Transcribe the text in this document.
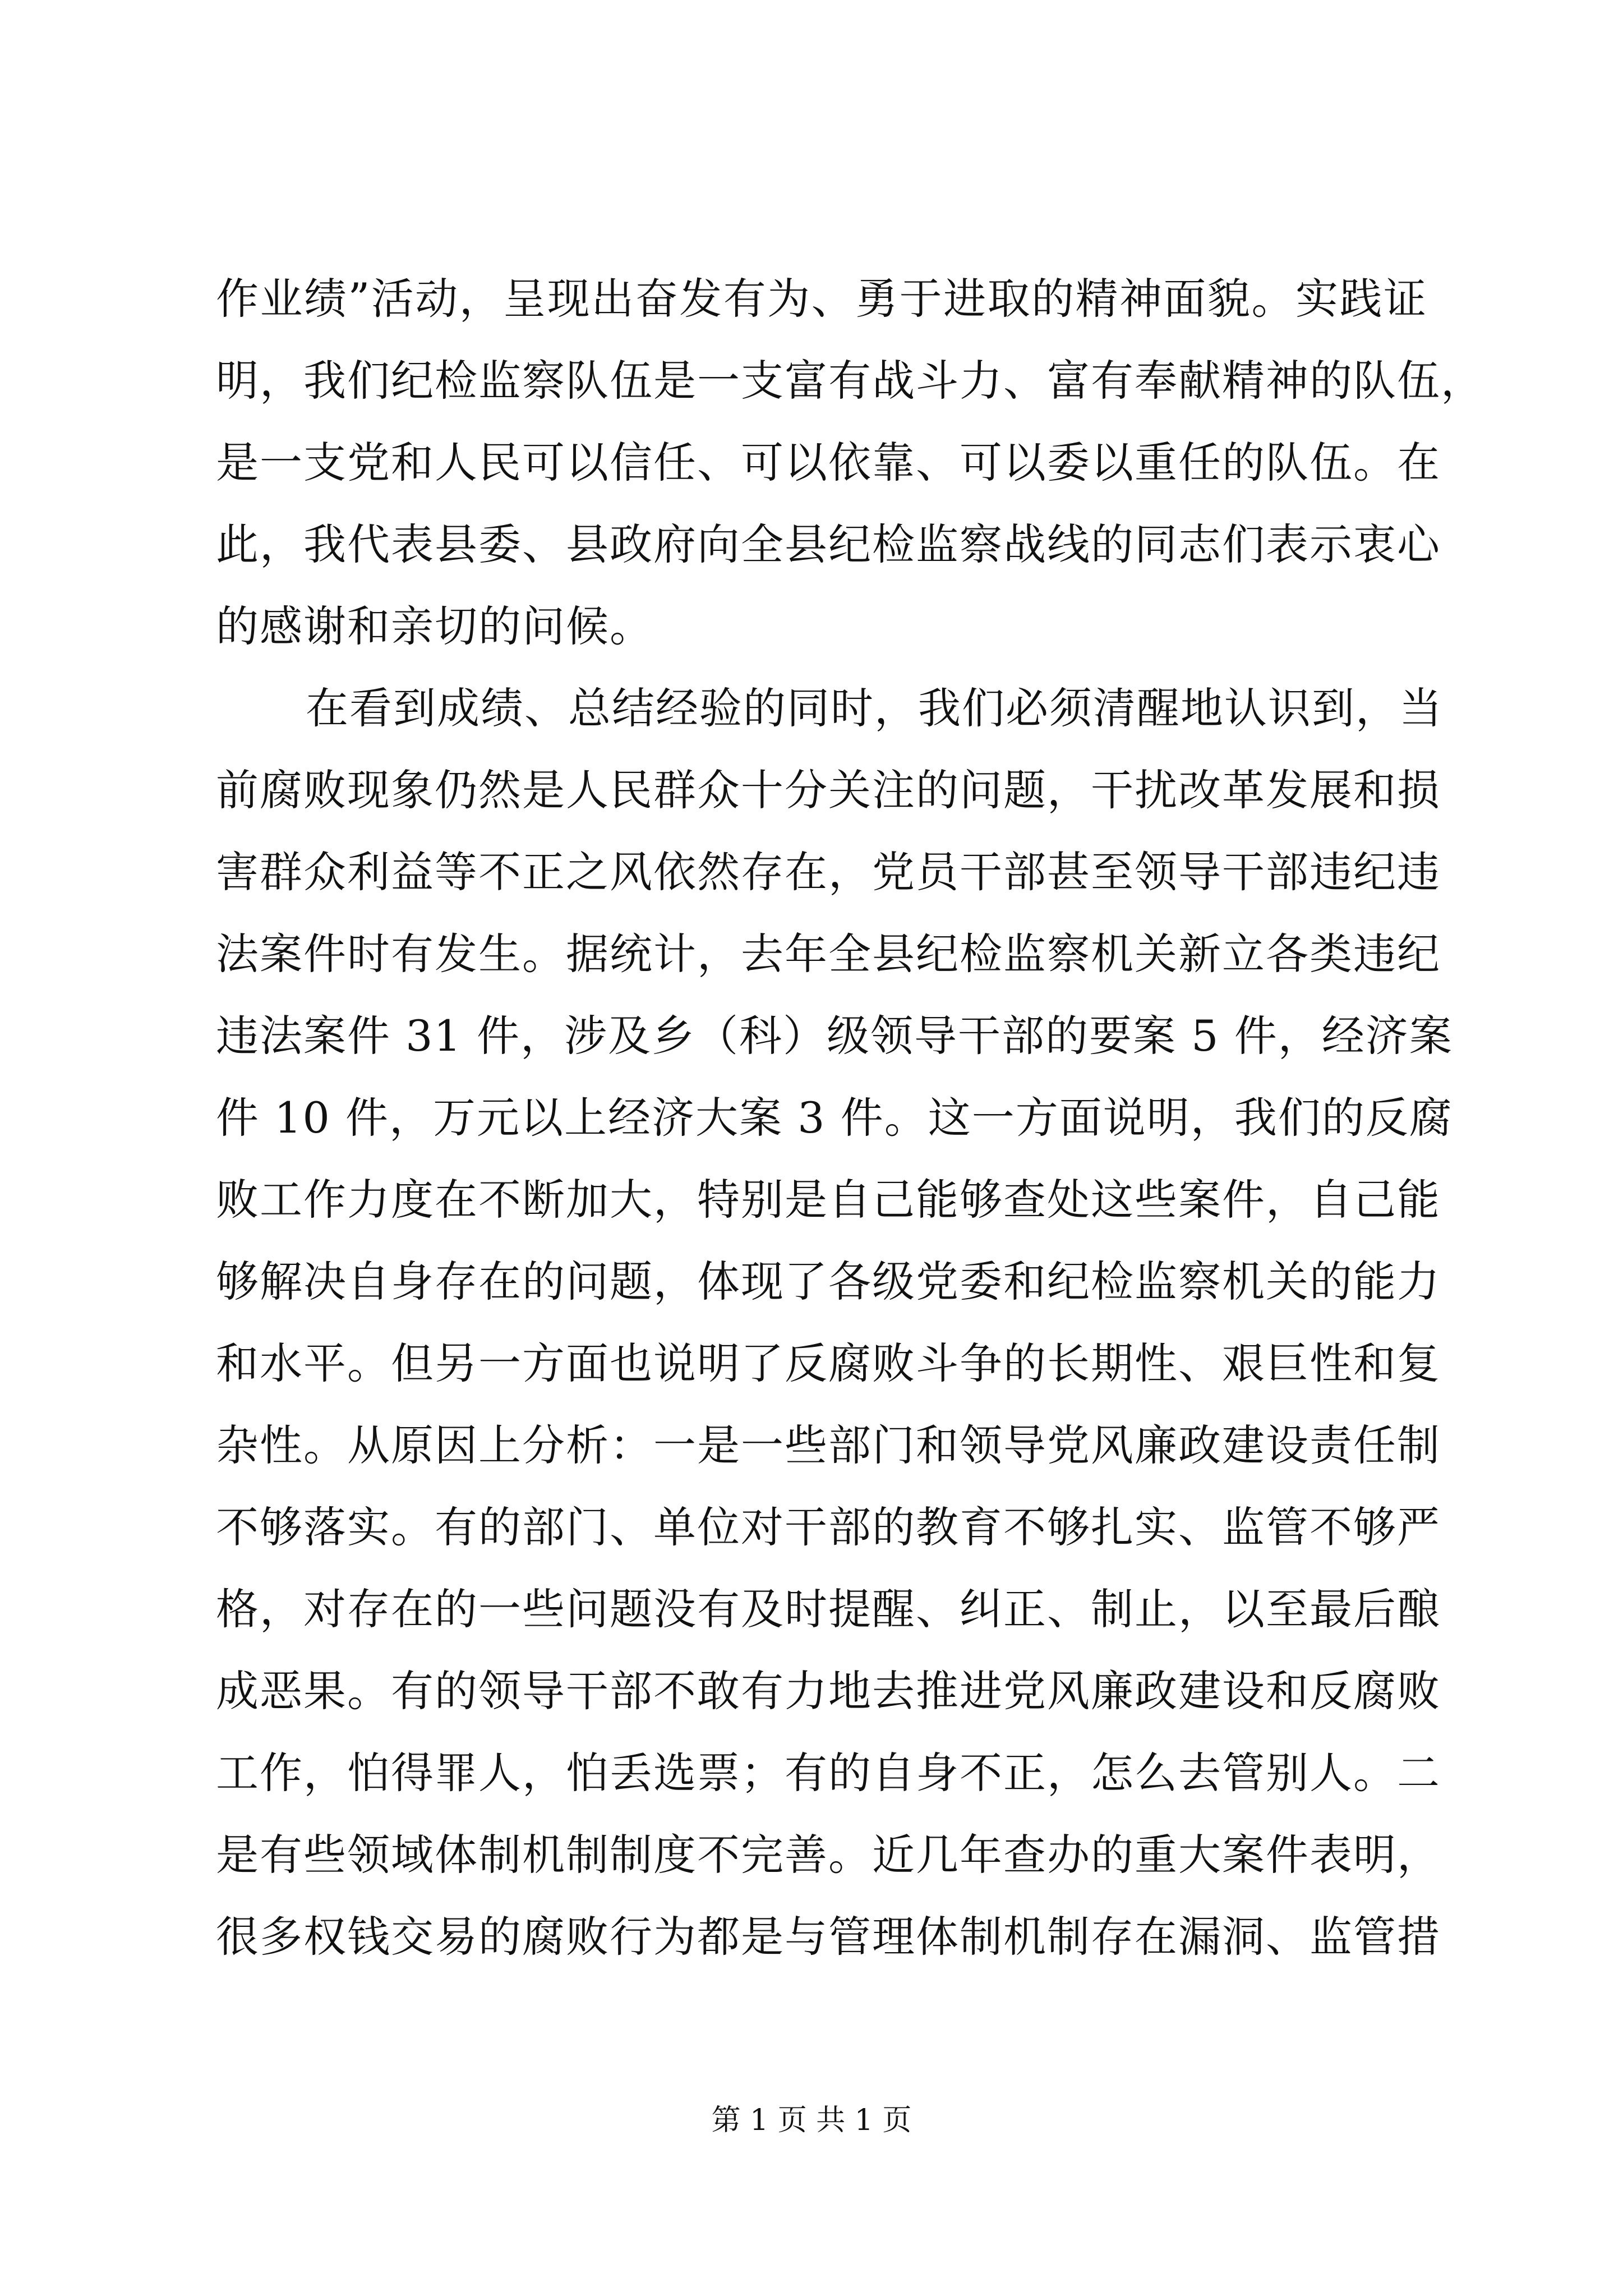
作业绩”活动，呈现出奋发有为、勇于进取的精神面貌。实践证
明，我们纪检监察队伍是一支富有战斗力、富有奉献精神的队伍，
是一支党和人民可以信任、可以依靠、可以委以重任的队伍。在
此，我代表县委、县政府向全县纪检监察战线的同志们表示衷心
的感谢和亲切的问候。
在看到成绩、总结经验的同时，我们必须清醒地认识到，当
前腐败现象仍然是人民群众十分关注的问题，干扰改革发展和损
害群众利益等不正之风依然存在，党员干部甚至领导干部违纪违
法案件时有发生。据统计，去年全县纪检监察机关新立各类违纪
违法案件 31 件，涉及乡（科）级领导干部的要案 5 件，经济案
件 10 件，万元以上经济大案 3 件。这一方面说明，我们的反腐
败工作力度在不断加大，特别是自己能够查处这些案件，自己能
够解决自身存在的问题，体现了各级党委和纪检监察机关的能力
和水平。但另一方面也说明了反腐败斗争的长期性、艰巨性和复
杂性。从原因上分析：一是一些部门和领导党风廉政建设责任制
不够落实。有的部门、单位对干部的教育不够扎实、监管不够严
格，对存在的一些问题没有及时提醒、纠正、制止，以至最后酿
成恶果。有的领导干部不敢有力地去推进党风廉政建设和反腐败
工作，怕得罪人，怕丢选票；有的自身不正，怎么去管别人。二
是有些领域体制机制制度不完善。近几年查办的重大案件表明，
很多权钱交易的腐败行为都是与管理体制机制存在漏洞、监管措
第 1 页 共 1 页
